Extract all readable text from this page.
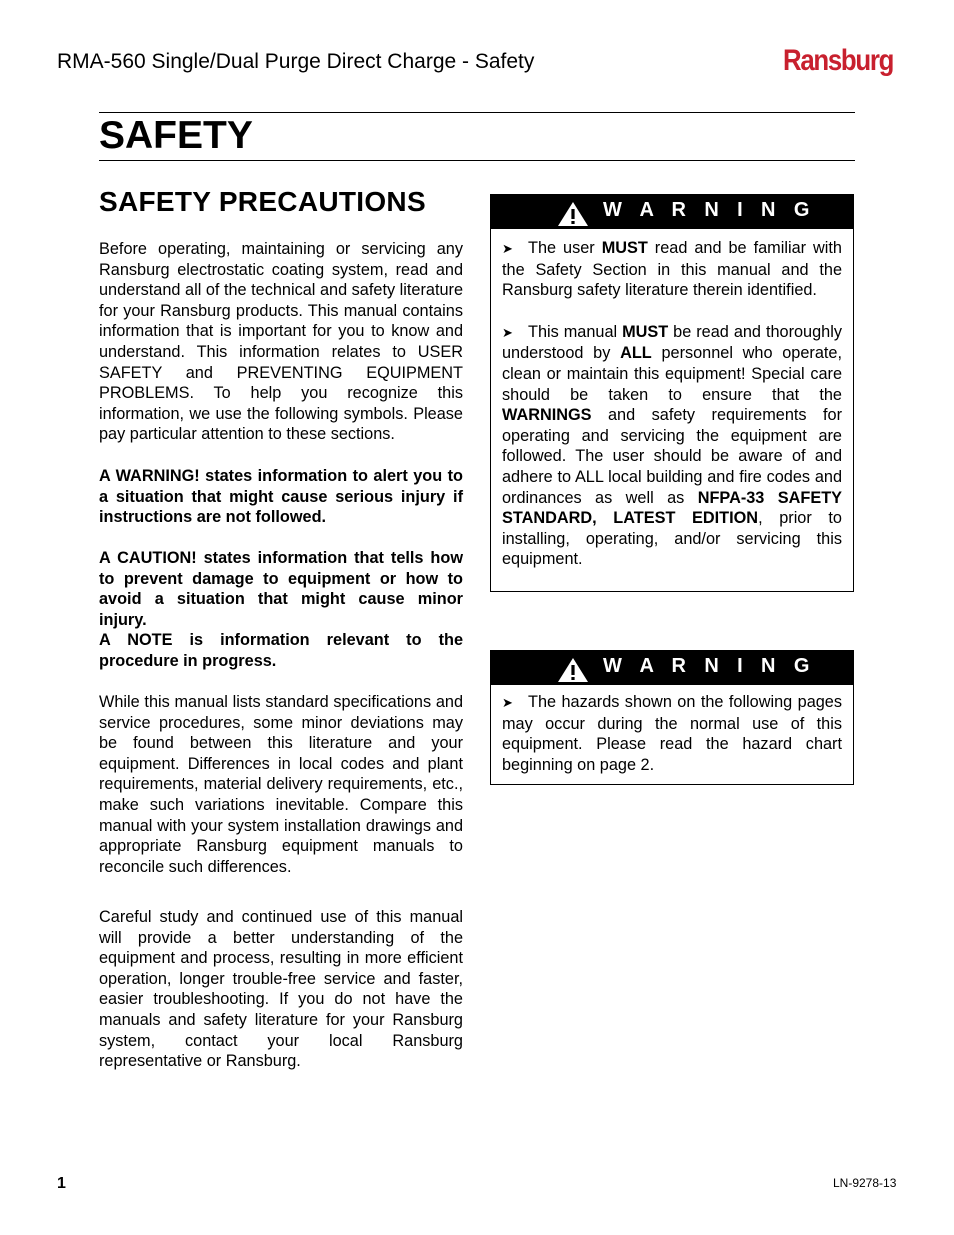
RMA-560 Single/Dual Purge Direct Charge - Safety	Ransburg
SAFETY
SAFETY PRECAUTIONS

Before operating, maintaining or servicing any Ransburg electrostatic coating system, read and understand all of the technical and safety literature for your Ransburg products. This manual contains information that is important for you to know and understand. This information relates to USER SAFETY and PREVENTING EQUIPMENT PROBLEMS. To help you recognize this information, we use the following symbols. Please pay particular attention to these sections.

A WARNING! states information to alert you to a situation that might cause serious injury if instructions are not followed.

A CAUTION! states information that tells how to prevent damage to equipment or how to avoid a situation that might cause minor injury.

A NOTE is information relevant to the procedure in progress.

While this manual lists standard specifications and service procedures, some minor deviations may be found between this literature and your equipment. Differences in local codes and plant requirements, material delivery requirements, etc., make such variations inevitable. Compare this manual with your system installation drawings and appropriate Ransburg equipment manuals to reconcile such differences.

Careful study and continued use of this manual will provide a better understanding of the equipment and process, resulting in more efficient operation, longer trouble-free service and faster, easier troubleshooting. If you do not have the manuals and safety literature for your Ransburg system, contact your local Ransburg representative or Ransburg.

W A R N I N G

➤ The user MUST read and be familiar with the Safety Section in this manual and the Ransburg safety literature therein identified.

➤ This manual MUST be read and thoroughly understood by ALL personnel who operate, clean or maintain this equipment! Special care should be taken to ensure that the WARNINGS and safety requirements for operating and servicing the equipment are followed. The user should be aware of and adhere to ALL local building and fire codes and ordinances as well as NFPA-33 SAFETY STANDARD, LATEST EDITION, prior to installing, operating, and/or servicing this equipment.

W A R N I N G

➤ The hazards shown on the following pages may occur during the normal use of this equipment. Please read the hazard chart beginning on page 2.

1	LN-9278-13
